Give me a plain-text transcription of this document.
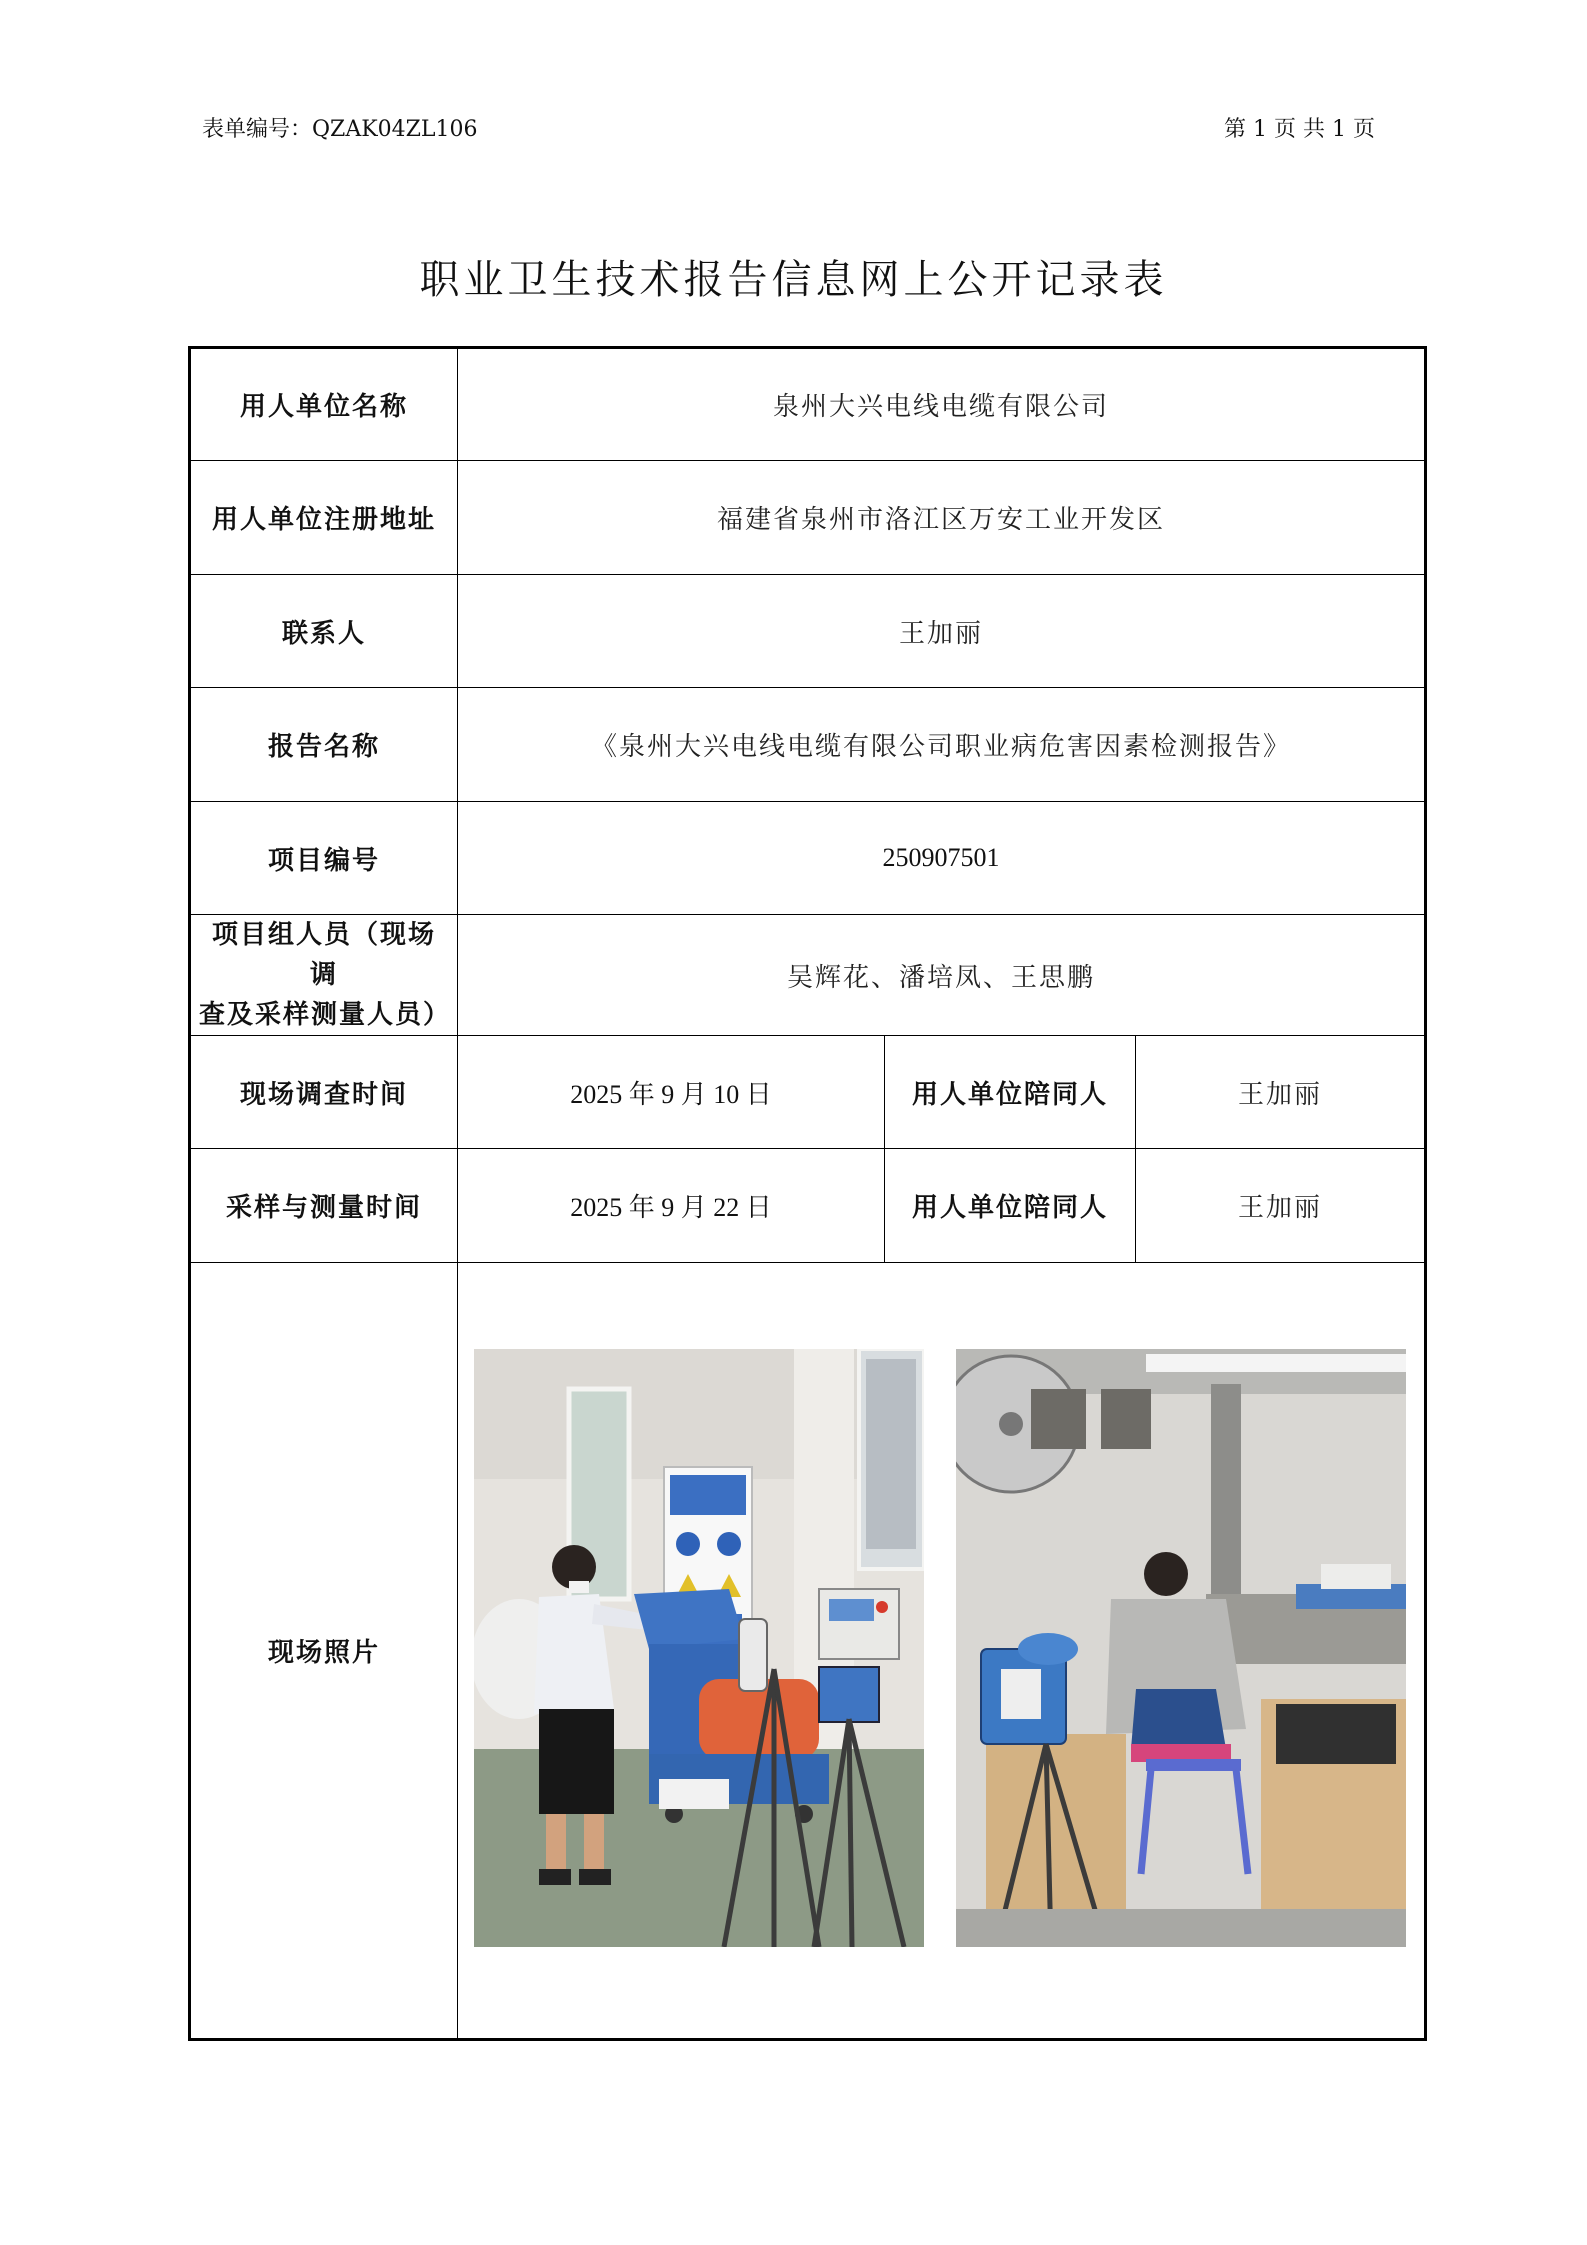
表单编号：QZAK04ZL106	第 1 页 共 1 页
职业卫生技术报告信息网上公开记录表
用人单位名称	泉州大兴电线电缆有限公司		
用人单位注册地址	福建省泉州市洛江区万安工业开发区		
联系人	王加丽		
报告名称	《泉州大兴电线电缆有限公司职业病危害因素检测报告》		
项目编号	250907501		
项目组人员（现场调
查及采样测量人员）	吴辉花、潘培凤、王思鹏		
现场调查时间	2025 年 9 月 10 日	用人单位陪同人	王加丽
采样与测量时间	2025 年 9 月 22 日	用人单位陪同人	王加丽
现场照片	
